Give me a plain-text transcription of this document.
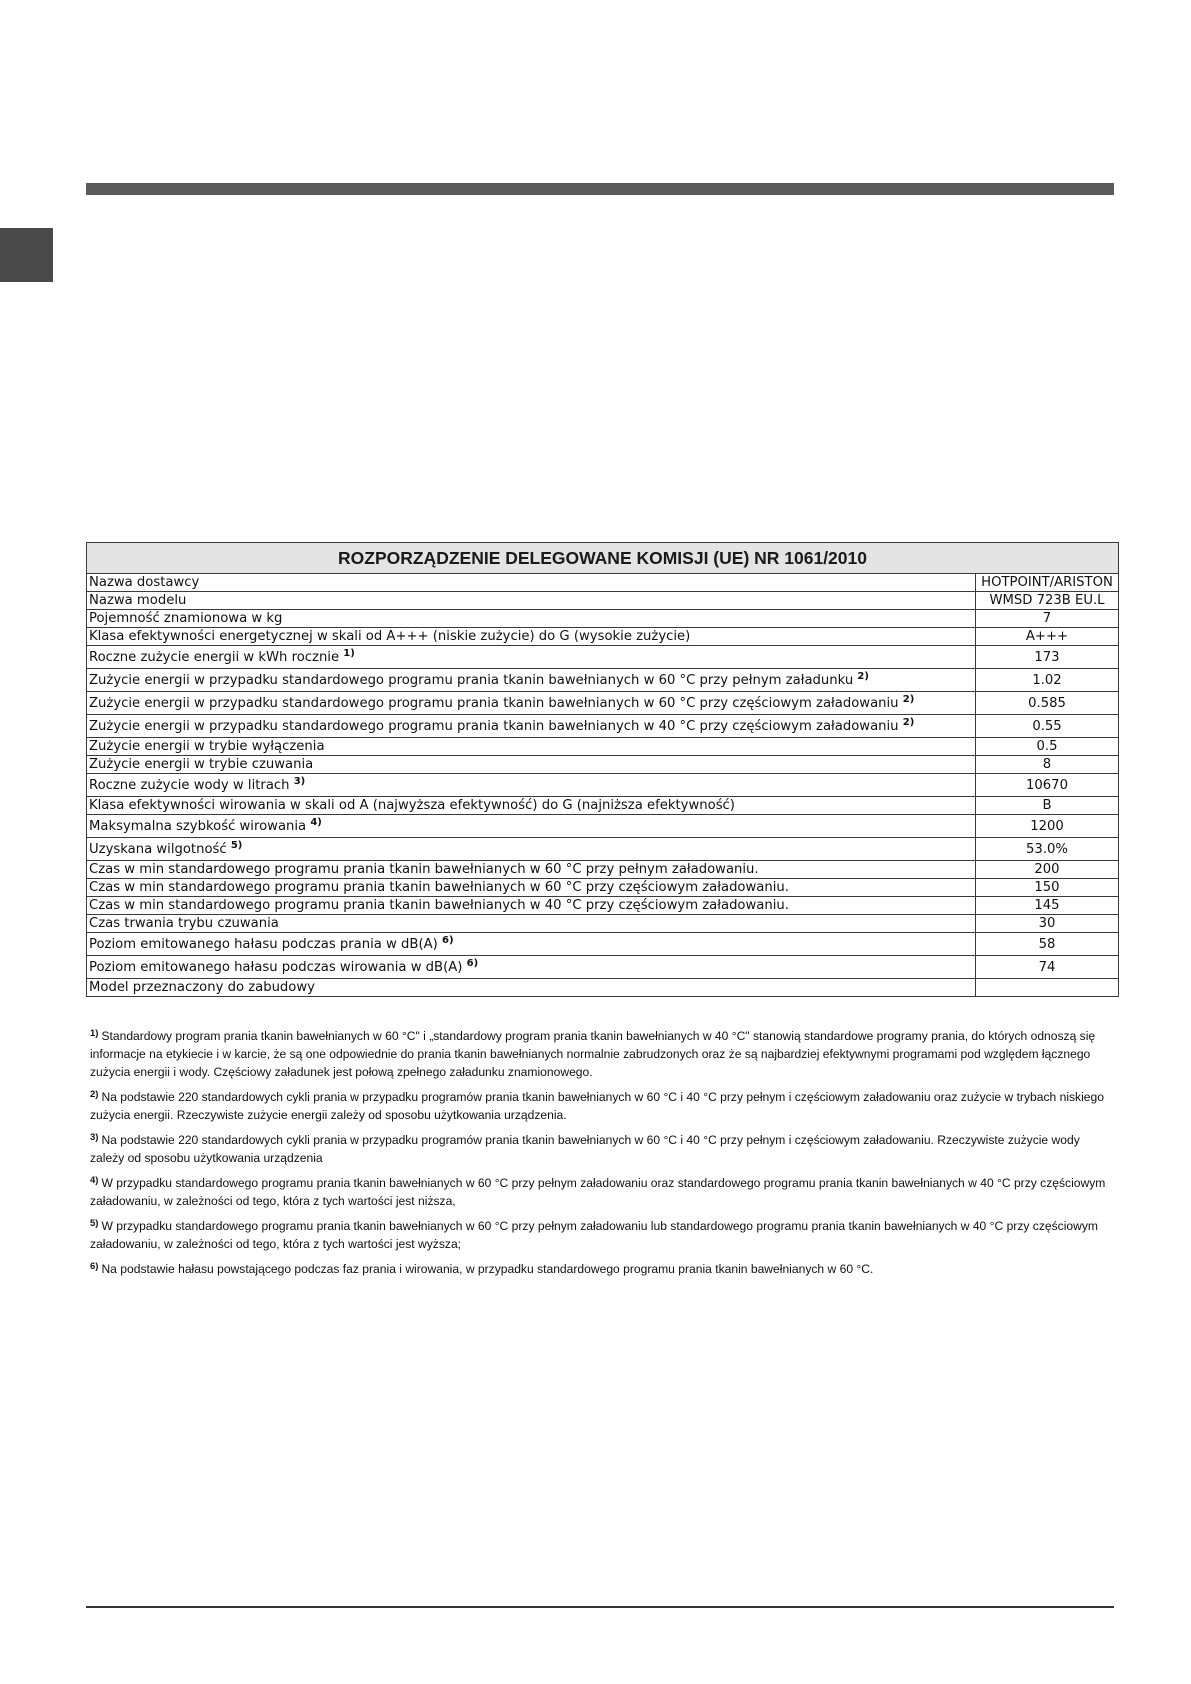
ROZPORZĄDZENIE DELEGOWANE KOMISJI (UE) NR 1061/2010	
Nazwa dostawcy	HOTPOINT/ARISTON
Nazwa modelu	WMSD 723B EU.L
Pojemność znamionowa w kg	7
Klasa efektywności energetycznej w skali od A+++ (niskie zużycie) do G (wysokie zużycie)	A+++
Roczne zużycie energii w kWh rocznie $^{1)}$	173
Zużycie energii w przypadku standardowego programu prania tkanin bawełnianych w 60 °C przy pełnym załadunku $^{2)}$	1.02
Zużycie energii w przypadku standardowego programu prania tkanin bawełnianych w 60 °C przy częściowym załadowaniu $^{2)}$	0.585
Zużycie energii w przypadku standardowego programu prania tkanin bawełnianych w 40 °C przy częściowym załadowaniu $^{2)}$	0.55
Zużycie energii w trybie wyłączenia	0.5
Zużycie energii w trybie czuwania	8
Roczne zużycie wody w litrach $^{3)}$	10670
Klasa efektywności wirowania w skali od A (najwyższa efektywność) do G (najniższa efektywność)	B
Maksymalna szybkość wirowania $^{4)}$	1200
Uzyskana wilgotność $^{5)}$	53.0%
Czas w min standardowego programu prania tkanin bawełnianych w 60 °C przy pełnym załadowaniu.	200
Czas w min standardowego programu prania tkanin bawełnianych w 60 °C przy częściowym załadowaniu.	150
Czas w min standardowego programu prania tkanin bawełnianych w 40 °C przy częściowym załadowaniu.	145
Czas trwania trybu czuwania	30
Poziom emitowanego hałasu podczas prania w dB(A) $^{6)}$	58
Poziom emitowanego hałasu podczas wirowania w dB(A) $^{6)}$	74
Model przeznaczony do zabudowy	

$^{1)}$ Standardowy program prania tkanin bawełnianych w 60 °C" i „standardowy program prania tkanin bawełnianych w 40 °C" stanowią standardowe programy prania, do których odnoszą się informacje na etykiecie i w karcie, że są one odpowiednie do prania tkanin bawełnianych normalnie zabrudzonych oraz że są najbardziej efektywnymi programami pod względem łącznego zużycia energii i wody. Częściowy załadunek jest połową zpełnego załadunku znamionowego.

$^{2)}$ Na podstawie 220 standardowych cykli prania w przypadku programów prania tkanin bawełnianych w 60 °C i 40 °C przy pełnym i częściowym załadowaniu oraz zużycie w trybach niskiego zużycia energii. Rzeczywiste zużycie energii zależy od sposobu użytkowania urządzenia.

$^{3)}$ Na podstawie 220 standardowych cykli prania w przypadku programów prania tkanin bawełnianych w 60 °C i 40 °C przy pełnym i częściowym załadowaniu. Rzeczywiste zużycie wody zależy od sposobu użytkowania urządzenia

$^{4)}$ W przypadku standardowego programu prania tkanin bawełnianych w 60 °C przy pełnym załadowaniu oraz standardowego programu prania tkanin bawełnianych w 40 °C przy częściowym załadowaniu, w zależności od tego, która z tych wartości jest niższa,

$^{5)}$ W przypadku standardowego programu prania tkanin bawełnianych w 60 °C przy pełnym załadowaniu lub standardowego programu prania tkanin bawełnianych w 40 °C przy częściowym załadowaniu, w zależności od tego, która z tych wartości jest wyższa;

$^{6)}$ Na podstawie hałasu powstającego podczas faz prania i wirowania, w przypadku standardowego programu prania tkanin bawełnianych w 60 °C.
